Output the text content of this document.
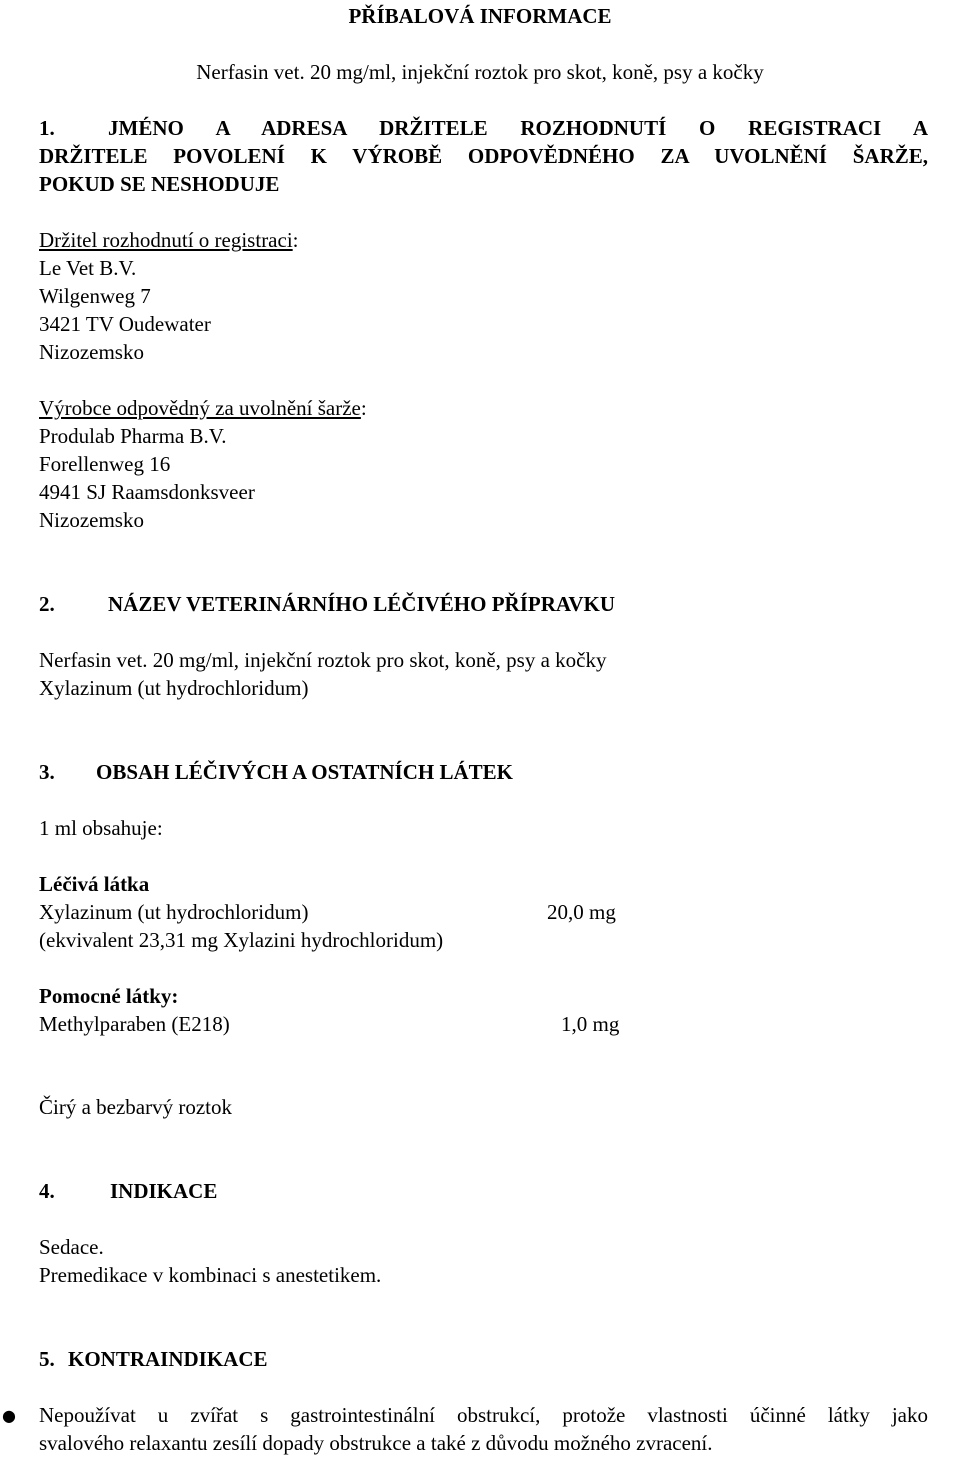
PŘÍBALOVÁ INFORMACE
Nerfasin vet. 20 mg/ml, injekční roztok pro skot, koně, psy a kočky
1.	JMÉNO A ADRESA DRŽITELE ROZHODNUTÍ O REGISTRACI A
DRŽITELE POVOLENÍ K VÝROBĚ ODPOVĚDNÉHO ZA UVOLNĚNÍ ŠARŽE,
POKUD SE NESHODUJE
Držitel rozhodnutí o registraci:
Le Vet B.V.
Wilgenweg 7
3421 TV Oudewater
Nizozemsko
Výrobce odpovědný za uvolnění šarže:
Produlab Pharma B.V.
Forellenweg 16
4941 SJ Raamsdonksveer
Nizozemsko
2.	NÁZEV VETERINÁRNÍHO LÉČIVÉHO PŘÍPRAVKU
Nerfasin vet. 20 mg/ml, injekční roztok pro skot, koně, psy a kočky
Xylazinum (ut hydrochloridum)
3. OBSAH LÉČIVÝCH A OSTATNÍCH LÁTEK
1 ml obsahuje:
Léčivá látka
Xylazinum (ut hydrochloridum)	20,0 mg
(ekvivalent 23,31 mg Xylazini hydrochloridum)
Pomocné látky:
Methylparaben (E218)	1,0 mg
Čirý a bezbarvý roztok
4.	INDIKACE
Sedace.
Premedikace v kombinaci s anestetikem.
5. KONTRAINDIKACE
● Nepoužívat u zvířat s gastrointestinální obstrukcí, protože vlastnosti účinné látky jako
svalového relaxantu zesílí dopady obstrukce a také z důvodu možného zvracení.
